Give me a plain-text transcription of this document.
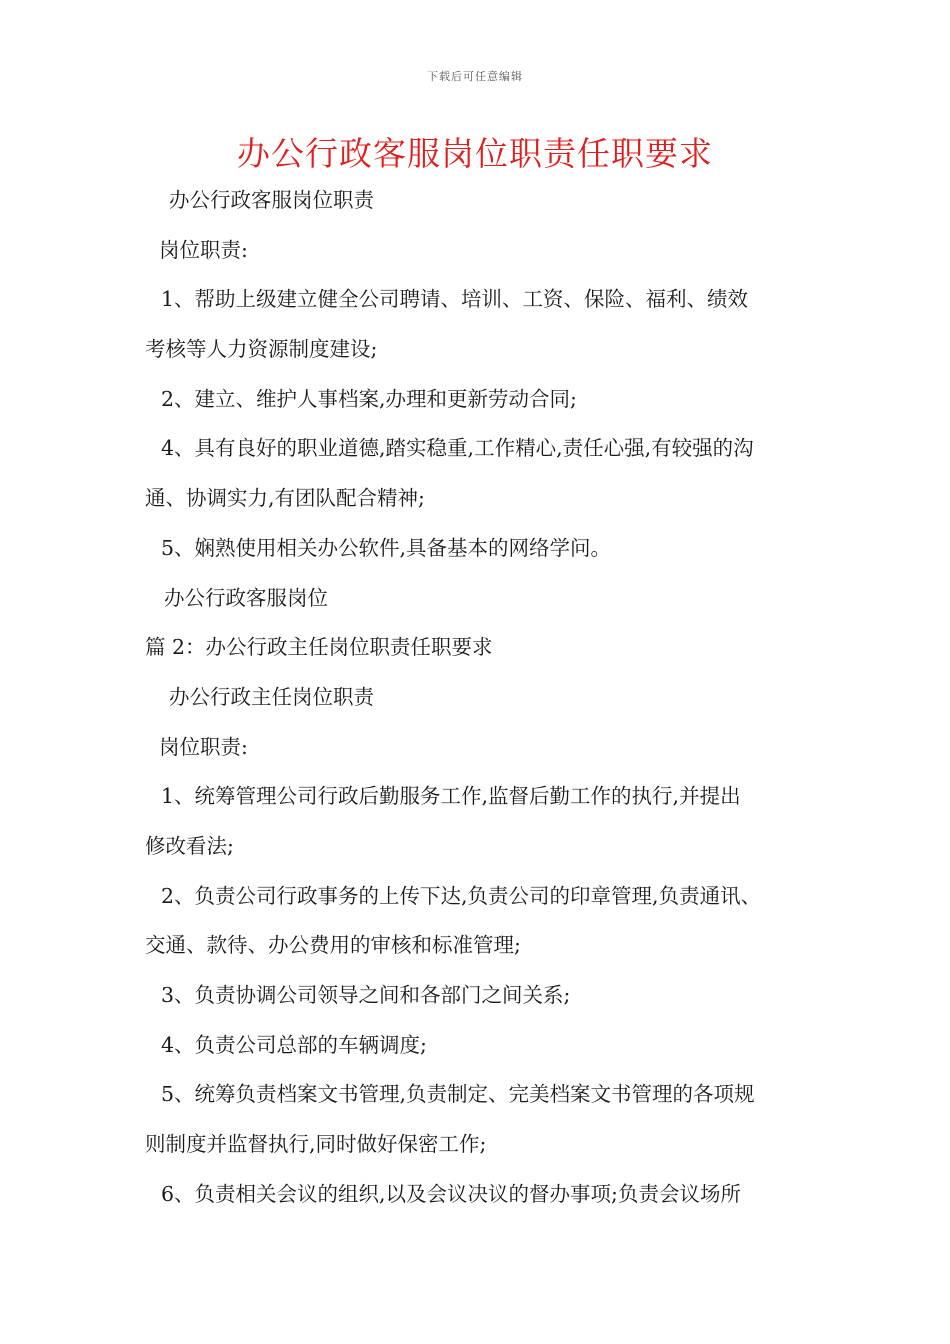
下载后可任意编辑
办公行政客服岗位职责任职要求
办公行政客服岗位职责
岗位职责:
1、帮助上级建立健全公司聘请、培训、工资、保险、福利、绩效
考核等人力资源制度建设;
2、建立、维护人事档案,办理和更新劳动合同;
4、具有良好的职业道德,踏实稳重,工作精心,责任心强,有较强的沟
通、协调实力,有团队配合精神;
5、娴熟使用相关办公软件,具备基本的网络学问。
办公行政客服岗位
篇 2：办公行政主任岗位职责任职要求
办公行政主任岗位职责
岗位职责:
1、统筹管理公司行政后勤服务工作,监督后勤工作的执行,并提出
修改看法;
2、负责公司行政事务的上传下达,负责公司的印章管理,负责通讯、
交通、款待、办公费用的审核和标准管理;
3、负责协调公司领导之间和各部门之间关系;
4、负责公司总部的车辆调度;
5、统筹负责档案文书管理,负责制定、完美档案文书管理的各项规
则制度并监督执行,同时做好保密工作;
6、负责相关会议的组织,以及会议决议的督办事项;负责会议场所
